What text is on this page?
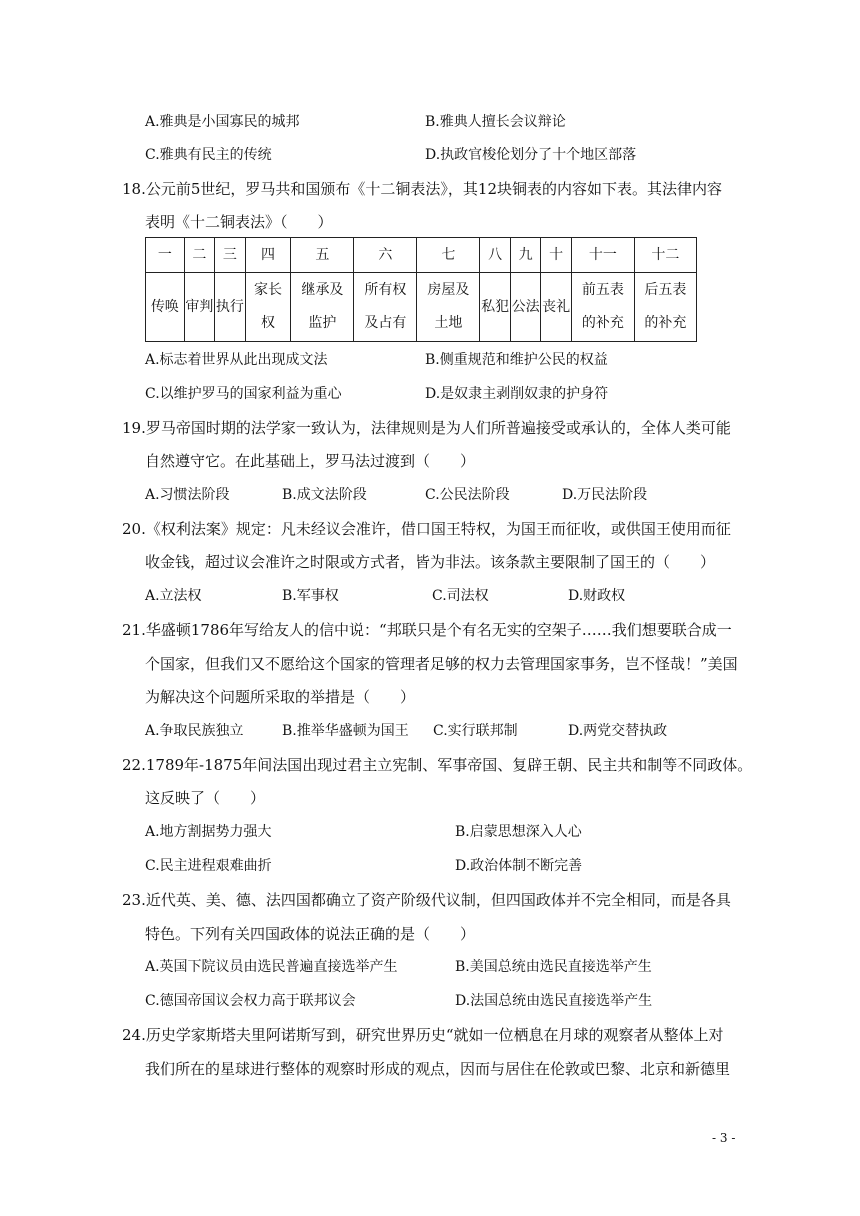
A.雅典是小国寡民的城邦	B.雅典人擅长会议辩论
C.雅典有民主的传统	D.执政官梭伦划分了十个地区部落
18.公元前5世纪，罗马共和国颁布《十二铜表法》，其12块铜表的内容如下表。其法律内容
表明《十二铜表法》（　　）
一	二	三	四	五	六	七	八	九	十	十一	十二
传唤	审判	执行	家长权	继承及监护	所有权及占有	房屋及土地	私犯	公法	丧礼	前五表的补充	后五表的补充
A.标志着世界从此出现成文法	B.侧重规范和维护公民的权益
C.以维护罗马的国家利益为重心	D.是奴隶主剥削奴隶的护身符
19.罗马帝国时期的法学家一致认为，法律规则是为人们所普遍接受或承认的，全体人类可能
自然遵守它。在此基础上，罗马法过渡到（　　）
A.习惯法阶段	B.成文法阶段	C.公民法阶段	D.万民法阶段
20.《权利法案》规定：凡未经议会准许，借口国王特权，为国王而征收，或供国王使用而征
收金钱，超过议会准许之时限或方式者，皆为非法。该条款主要限制了国王的（　　）
A.立法权	B.军事权	C.司法权	D.财政权
21.华盛顿1786年写给友人的信中说：“邦联只是个有名无实的空架子……我们想要联合成一
个国家，但我们又不愿给这个国家的管理者足够的权力去管理国家事务，岂不怪哉！”美国
为解决这个问题所采取的举措是（　　）
A.争取民族独立	B.推举华盛顿为国王 C.实行联邦制	D.两党交替执政
22.1789年-1875年间法国出现过君主立宪制、军事帝国、复辟王朝、民主共和制等不同政体。
这反映了（　　）
A.地方割据势力强大	B.启蒙思想深入人心
C.民主进程艰难曲折	D.政治体制不断完善
23.近代英、美、德、法四国都确立了资产阶级代议制，但四国政体并不完全相同，而是各具
特色。下列有关四国政体的说法正确的是（　　）
A.英国下院议员由选民普遍直接选举产生	B.美国总统由选民直接选举产生
C.德国帝国议会权力高于联邦议会	D.法国总统由选民直接选举产生
24.历史学家斯塔夫里阿诺斯写到，研究世界历史“就如一位栖息在月球的观察者从整体上对
我们所在的星球进行整体的观察时形成的观点，因而与居住在伦敦或巴黎、北京和新德里
- 3 -
